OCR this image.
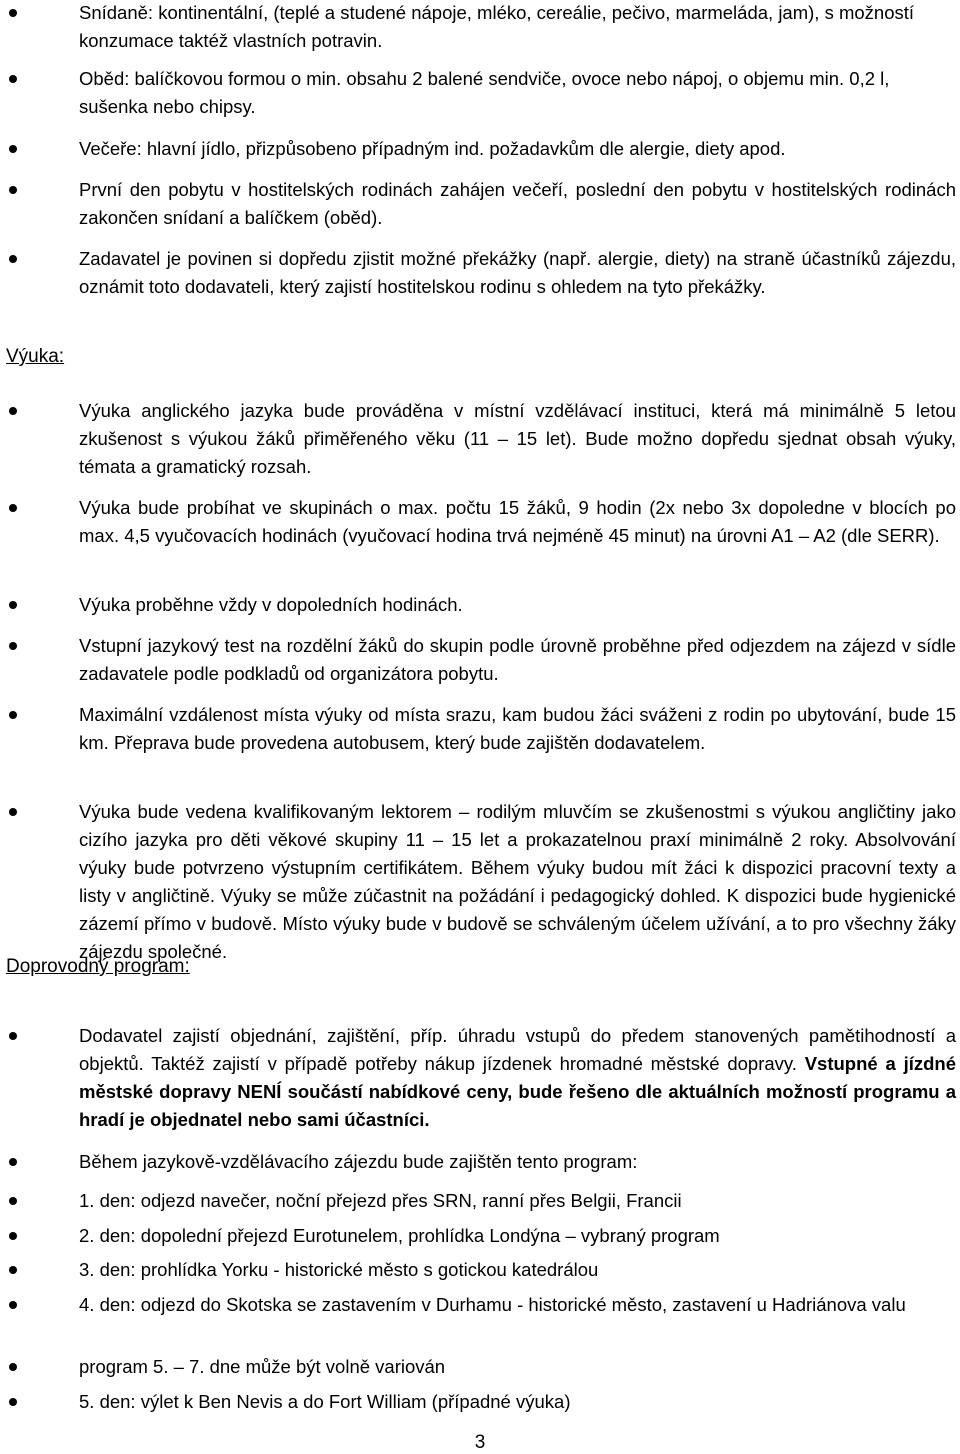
Snídaně: kontinentální, (teplé a studené nápoje, mléko, cereálie, pečivo, marmeláda, jam), s možností konzumace taktéž vlastních potravin.
Oběd: balíčkovou formou o min. obsahu 2 balené sendviče, ovoce nebo nápoj, o objemu min. 0,2 l, sušenka nebo chipsy.
Večeře: hlavní jídlo, přizpůsobeno případným ind. požadavkům dle alergie, diety apod.
První den pobytu v hostitelských rodinách zahájen večeří, poslední den pobytu v hostitelských rodinách zakončen snídaní a balíčkem (oběd).
Zadavatel je povinen si dopředu zjistit možné překážky (např. alergie, diety) na straně účastníků zájezdu, oznámit toto dodavateli, který zajistí hostitelskou rodinu s ohledem na tyto překážky.
Výuka:
Výuka anglického jazyka bude prováděna v místní vzdělávací instituci, která má minimálně 5 letou zkušenost s výukou žáků přiměřeného věku (11 – 15 let). Bude možno dopředu sjednat obsah výuky, témata a gramatický rozsah.
Výuka bude probíhat ve skupinách o max. počtu 15 žáků, 9 hodin (2x nebo 3x dopoledne v blocích po max. 4,5 vyučovacích hodinách (vyučovací hodina trvá nejméně 45 minut) na úrovni A1 – A2 (dle SERR).
Výuka proběhne vždy v dopoledních hodinách.
Vstupní jazykový test na rozdělní žáků do skupin podle úrovně proběhne před odjezdem na zájezd v sídle zadavatele podle podkladů od organizátora pobytu.
Maximální vzdálenost místa výuky od místa srazu, kam budou žáci sváženi z rodin po ubytování, bude 15 km. Přeprava bude provedena autobusem, který bude zajištěn dodavatelem.
Výuka bude vedena kvalifikovaným lektorem – rodilým mluvčím se zkušenostmi s výukou angličtiny jako cizího jazyka pro děti věkové skupiny 11 – 15 let a prokazatelnou praxí minimálně 2 roky. Absolvování výuky bude potvrzeno výstupním certifikátem. Během výuky budou mít žáci k dispozici pracovní texty a listy v angličtině. Výuky se může zúčastnit na požádání i pedagogický dohled. K dispozici bude hygienické zázemí přímo v budově. Místo výuky bude v budově se schváleným účelem užívání, a to pro všechny žáky zájezdu společné.
Doprovodný program:
Dodavatel zajistí objednání, zajištění, příp. úhradu vstupů do předem stanovených pamětihodností a objektů. Taktéž zajistí v případě potřeby nákup jízdenek hromadné městské dopravy. Vstupné a jízdné městské dopravy NENÍ součástí nabídkové ceny, bude řešeno dle aktuálních možností programu a hradí je objednatel nebo sami účastníci.
Během jazykově-vzdělávacího zájezdu bude zajištěn tento program:
1. den: odjezd navečer, noční přejezd přes SRN, ranní přes Belgii, Francii
2. den: dopolední přejezd Eurotunelem, prohlídka Londýna – vybraný program
3. den: prohlídka Yorku - historické město s gotickou katedrálou
4. den: odjezd do Skotska se zastavením v Durhamu - historické město, zastavení u Hadriánova valu
program 5. – 7. dne může být volně variován
5. den: výlet k Ben Nevis a do Fort William (případné výuka)
3
